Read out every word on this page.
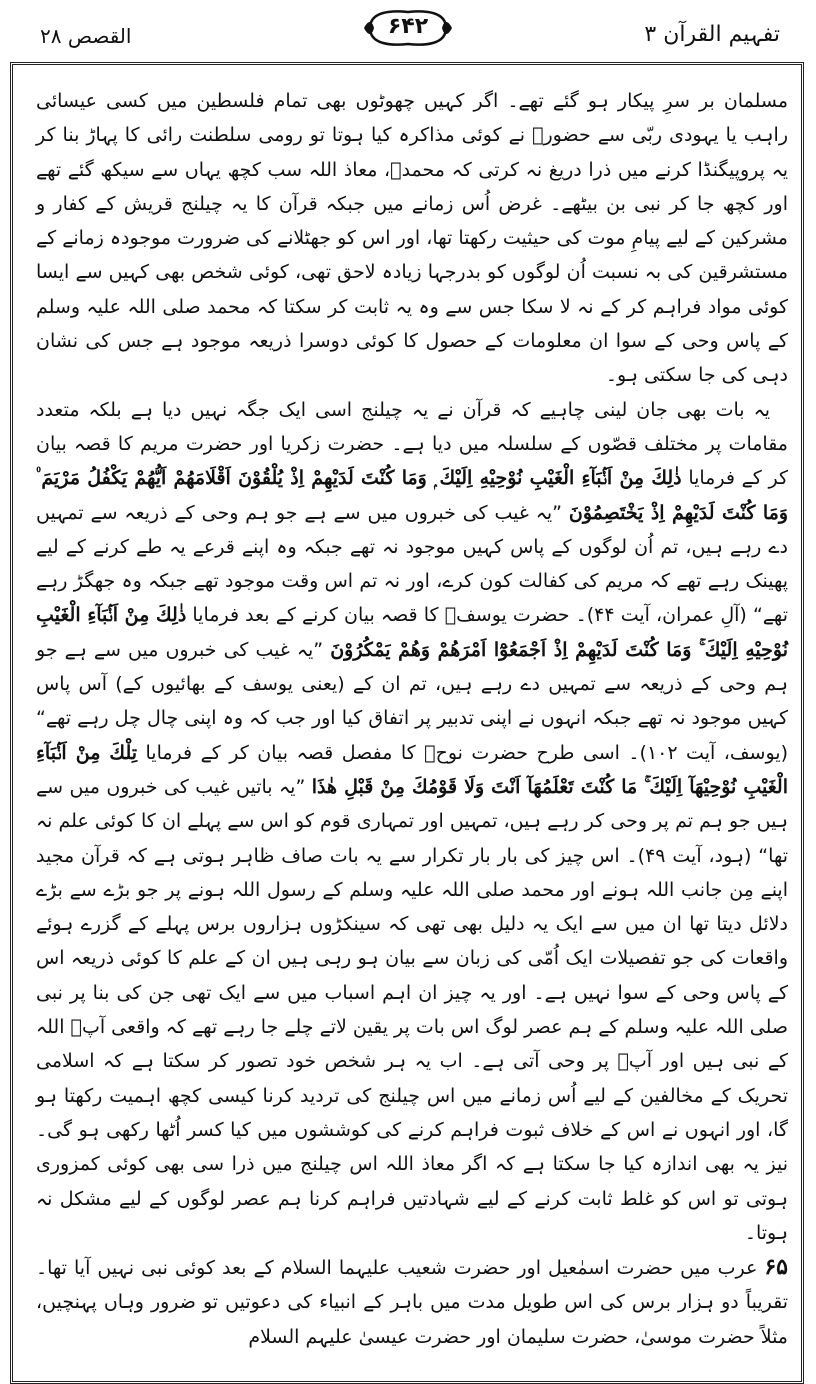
تفہیم القرآن ۳
۶۴۲
القصص ۲۸

مسلمان بر سرِ پیکار ہو گئے تھے۔ اگر کہیں چھوٹوں بھی تمام فلسطین میں کسی عیسائی راہب یا یہودی ربّی سے حضورؐ نے کوئی مذاکرہ کیا ہوتا تو رومی سلطنت رائی کا پہاڑ بنا کر یہ پروپیگنڈا کرنے میں ذرا دریغ نہ کرتی کہ محمدؐ، معاذ اللہ سب کچھ یہاں سے سیکھ گئے تھے اور کچھ جا کر نبی بن بیٹھے۔ غرض اُس زمانے میں جبکہ قرآن کا یہ چیلنج قریش کے کفار و مشرکین کے لیے پیامِ موت کی حیثیت رکھتا تھا، اور اس کو جھٹلانے کی ضرورت موجودہ زمانے کے مستشرقین کی بہ نسبت اُن لوگوں کو بدرجہا زیادہ لاحق تھی، کوئی شخص بھی کہیں سے ایسا کوئی مواد فراہم کر کے نہ لا سکا جس سے وہ یہ ثابت کر سکتا کہ محمد صلی اللہ علیہ وسلم کے پاس وحی کے سوا ان معلومات کے حصول کا کوئی دوسرا ذریعہ موجود ہے جس کی نشان دہی کی جا سکتی ہو۔

یہ بات بھی جان لینی چاہیے کہ قرآن نے یہ چیلنج اسی ایک جگہ نہیں دیا ہے بلکہ متعدد مقامات پر مختلف قصّوں کے سلسلہ میں دیا ہے۔ حضرت زکریا اور حضرت مریم کا قصہ بیان کر کے فرمایا ذٰلِكَ مِنْ اَنْۢبَآءِ الْغَيْبِ نُوْحِيْهِ اِلَيْكَ ۭ وَمَا كُنْتَ لَدَيْهِمْ اِذْ يُلْقُوْنَ اَقْلَامَهُمْ اَيُّهُمْ يَكْفُلُ مَرْيَمَ ۠ وَمَا كُنْتَ لَدَيْهِمْ اِذْ يَخْتَصِمُوْنَ ”یہ غیب کی خبروں میں سے ہے جو ہم وحی کے ذریعہ سے تمہیں دے رہے ہیں، تم اُن لوگوں کے پاس کہیں موجود نہ تھے جبکہ وہ اپنے قرعے یہ طے کرنے کے لیے پھینک رہے تھے کہ مریم کی کفالت کون کرے، اور نہ تم اس وقت موجود تھے جبکہ وہ جھگڑ رہے تھے“ (آلِ عمران، آیت ۴۴)۔ حضرت یوسفؑ کا قصہ بیان کرنے کے بعد فرمایا ذٰلِكَ مِنْ اَنْۢبَآءِ الْغَيْبِ نُوْحِيْهِ اِلَيْكَ ۚ وَمَا كُنْتَ لَدَيْهِمْ اِذْ اَجْمَعُوْٓا اَمْرَهُمْ وَهُمْ يَمْكُرُوْنَ ”یہ غیب کی خبروں میں سے ہے جو ہم وحی کے ذریعہ سے تمہیں دے رہے ہیں، تم ان کے (یعنی یوسف کے بھائیوں کے) آس پاس کہیں موجود نہ تھے جبکہ انہوں نے اپنی تدبیر پر اتفاق کیا اور جب کہ وہ اپنی چال چل رہے تھے“ (یوسف، آیت ۱۰۲)۔ اسی طرح حضرت نوحؑ کا مفصل قصہ بیان کر کے فرمایا تِلْكَ مِنْ اَنْۢبَآءِ الْغَيْبِ نُوْحِيْهَآ اِلَيْكَ ۚ مَا كُنْتَ تَعْلَمُهَآ اَنْتَ وَلَا قَوْمُكَ مِنْ قَبْلِ هٰذَا ”یہ باتیں غیب کی خبروں میں سے ہیں جو ہم تم پر وحی کر رہے ہیں، تمہیں اور تمہاری قوم کو اس سے پہلے ان کا کوئی علم نہ تھا“ (ہود، آیت ۴۹)۔ اس چیز کی بار بار تکرار سے یہ بات صاف ظاہر ہوتی ہے کہ قرآن مجید اپنے مِن جانب اللہ ہونے اور محمد صلی اللہ علیہ وسلم کے رسول اللہ ہونے پر جو بڑے سے بڑے دلائل دیتا تھا ان میں سے ایک یہ دلیل بھی تھی کہ سینکڑوں ہزاروں برس پہلے کے گزرے ہوئے واقعات کی جو تفصیلات ایک اُمّی کی زبان سے بیان ہو رہی ہیں ان کے علم کا کوئی ذریعہ اس کے پاس وحی کے سوا نہیں ہے۔ اور یہ چیز ان اہم اسباب میں سے ایک تھی جن کی بنا پر نبی صلی اللہ علیہ وسلم کے ہم عصر لوگ اس بات پر یقین لاتے چلے جا رہے تھے کہ واقعی آپؐ اللہ کے نبی ہیں اور آپؐ پر وحی آتی ہے۔ اب یہ ہر شخص خود تصور کر سکتا ہے کہ اسلامی تحریک کے مخالفین کے لیے اُس زمانے میں اس چیلنج کی تردید کرنا کیسی کچھ اہمیت رکھتا ہو گا، اور انہوں نے اس کے خلاف ثبوت فراہم کرنے کی کوششوں میں کیا کسر اُٹھا رکھی ہو گی۔ نیز یہ بھی اندازہ کیا جا سکتا ہے کہ اگر معاذ اللہ اس چیلنج میں ذرا سی بھی کوئی کمزوری ہوتی تو اس کو غلط ثابت کرنے کے لیے شہادتیں فراہم کرنا ہم عصر لوگوں کے لیے مشکل نہ ہوتا۔

۶۵ عرب میں حضرت اسمٰعیل اور حضرت شعیب علیہما السلام کے بعد کوئی نبی نہیں آیا تھا۔ تقریباً دو ہزار برس کی اس طویل مدت میں باہر کے انبیاء کی دعوتیں تو ضرور وہاں پہنچیں، مثلاً حضرت موسیٰ، حضرت سلیمان اور حضرت عیسیٰ علیہم السلام
